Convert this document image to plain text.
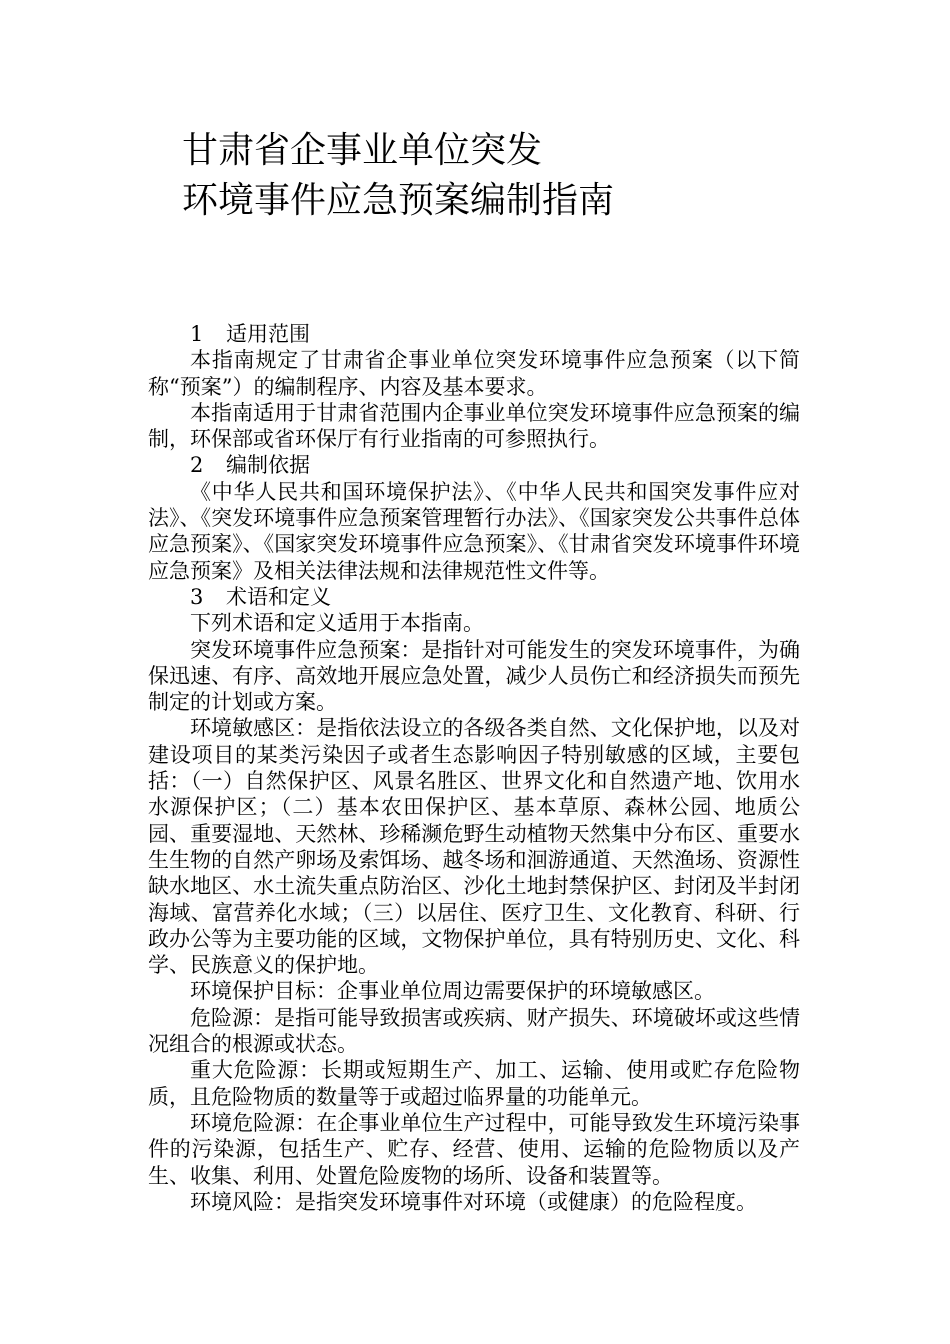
甘肃省企事业单位突发
环境事件应急预案编制指南

1 适用范围

本指南规定了甘肃省企事业单位突发环境事件应急预案（以下简称“预案”）的编制程序、内容及基本要求。

本指南适用于甘肃省范围内企事业单位突发环境事件应急预案的编制，环保部或省环保厅有行业指南的可参照执行。

2 编制依据

《中华人民共和国环境保护法》、《中华人民共和国突发事件应对法》、《突发环境事件应急预案管理暂行办法》、《国家突发公共事件总体应急预案》、《国家突发环境事件应急预案》、《甘肃省突发环境事件环境应急预案》及相关法律法规和法律规范性文件等。

3 术语和定义

下列术语和定义适用于本指南。

突发环境事件应急预案：是指针对可能发生的突发环境事件，为确保迅速、有序、高效地开展应急处置，减少人员伤亡和经济损失而预先制定的计划或方案。

环境敏感区：是指依法设立的各级各类自然、文化保护地，以及对建设项目的某类污染因子或者生态影响因子特别敏感的区域，主要包括：（一）自然保护区、风景名胜区、世界文化和自然遗产地、饮用水水源保护区；（二）基本农田保护区、基本草原、森林公园、地质公园、重要湿地、天然林、珍稀濒危野生动植物天然集中分布区、重要水生生物的自然产卵场及索饵场、越冬场和洄游通道、天然渔场、资源性缺水地区、水土流失重点防治区、沙化土地封禁保护区、封闭及半封闭海域、富营养化水域；（三）以居住、医疗卫生、文化教育、科研、行政办公等为主要功能的区域，文物保护单位，具有特别历史、文化、科学、民族意义的保护地。

环境保护目标：企事业单位周边需要保护的环境敏感区。

危险源：是指可能导致损害或疾病、财产损失、环境破坏或这些情况组合的根源或状态。

重大危险源：长期或短期生产、加工、运输、使用或贮存危险物质，且危险物质的数量等于或超过临界量的功能单元。

环境危险源：在企事业单位生产过程中，可能导致发生环境污染事件的污染源，包括生产、贮存、经营、使用、运输的危险物质以及产生、收集、利用、处置危险废物的场所、设备和装置等。

环境风险：是指突发环境事件对环境（或健康）的危险程度。
